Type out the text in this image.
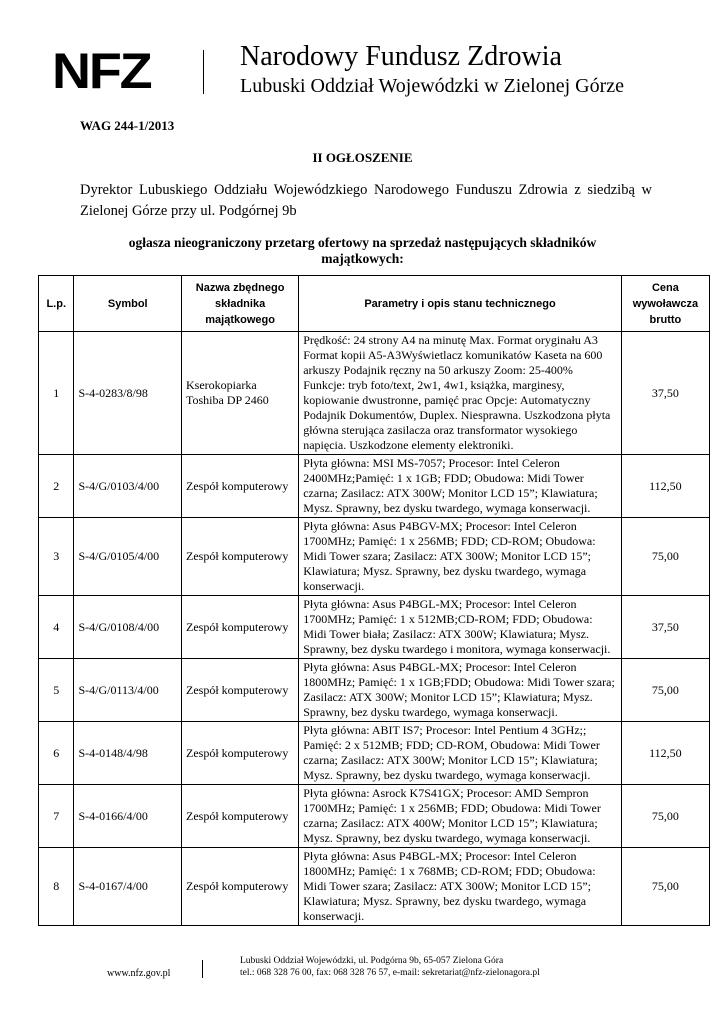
NFZ	Narodowy Fundusz Zdrowia
Lubuski Oddział Wojewódzki w Zielonej Górze
WAG 244-1/2013
II OGŁOSZENIE
Dyrektor Lubuskiego Oddziału Wojewódzkiego Narodowego Funduszu Zdrowia z siedzibą w Zielonej Górze przy ul. Podgórnej 9b
ogłasza nieograniczony przetarg ofertowy na sprzedaż następujących składników majątkowych:
L.p.	Symbol	Nazwa zbędnego składnika majątkowego	Parametry i opis stanu technicznego	Cena wywoławcza brutto
1	S-4-0283/8/98	Kserokopiarka Toshiba DP 2460	Prędkość: 24 strony A4 na minutę Max. Format oryginału A3 Format kopii A5-A3Wyświetlacz komunikatów Kaseta na 600 arkuszy Podajnik ręczny na 50 arkuszy Zoom: 25-400% Funkcje: tryb foto/text, 2w1, 4w1, książka, marginesy, kopiowanie dwustronne, pamięć prac Opcje: Automatyczny Podajnik Dokumentów, Duplex. Niesprawna. Uszkodzona płyta główna sterująca zasilacza oraz transformator wysokiego napięcia. Uszkodzone elementy elektroniki.	37,50
2	S-4/G/0103/4/00	Zespół komputerowy	Płyta główna: MSI MS-7057; Procesor: Intel Celeron 2400MHz;Pamięć: 1 x 1GB; FDD; Obudowa: Midi Tower czarna; Zasilacz: ATX 300W; Monitor LCD 15”; Klawiatura; Mysz. Sprawny, bez dysku twardego, wymaga konserwacji.	112,50
3	S-4/G/0105/4/00	Zespół komputerowy	Płyta główna: Asus P4BGV-MX; Procesor: Intel Celeron 1700MHz; Pamięć: 1 x 256MB; FDD; CD-ROM; Obudowa: Midi Tower szara; Zasilacz: ATX 300W; Monitor LCD 15”; Klawiatura; Mysz. Sprawny, bez dysku twardego, wymaga konserwacji.	75,00
4	S-4/G/0108/4/00	Zespół komputerowy	Płyta główna: Asus P4BGL-MX; Procesor: Intel Celeron 1700MHz; Pamięć: 1 x 512MB;CD-ROM; FDD; Obudowa: Midi Tower biała; Zasilacz: ATX 300W; Klawiatura; Mysz. Sprawny, bez dysku twardego i monitora, wymaga konserwacji.	37,50
5	S-4/G/0113/4/00	Zespół komputerowy	Płyta główna: Asus P4BGL-MX; Procesor: Intel Celeron 1800MHz; Pamięć: 1 x 1GB;FDD; Obudowa: Midi Tower szara; Zasilacz: ATX 300W; Monitor LCD 15”; Klawiatura; Mysz. Sprawny, bez dysku twardego, wymaga konserwacji.	75,00
6	S-4-0148/4/98	Zespół komputerowy	Płyta główna: ABIT IS7; Procesor: Intel Pentium 4 3GHz;; Pamięć: 2 x 512MB; FDD; CD-ROM, Obudowa: Midi Tower czarna; Zasilacz: ATX 300W; Monitor LCD 15”; Klawiatura; Mysz. Sprawny, bez dysku twardego, wymaga konserwacji.	112,50
7	S-4-0166/4/00	Zespół komputerowy	Płyta główna: Asrock K7S41GX; Procesor: AMD Sempron 1700MHz; Pamięć: 1 x 256MB; FDD; Obudowa: Midi Tower czarna; Zasilacz: ATX 400W; Monitor LCD 15”; Klawiatura; Mysz. Sprawny, bez dysku twardego, wymaga konserwacji.	75,00
8	S-4-0167/4/00	Zespół komputerowy	Płyta główna: Asus P4BGL-MX; Procesor: Intel Celeron 1800MHz; Pamięć: 1 x 768MB; CD-ROM; FDD; Obudowa: Midi Tower szara; Zasilacz: ATX 300W; Monitor LCD 15”; Klawiatura; Mysz. Sprawny, bez dysku twardego, wymaga konserwacji.	75,00
www.nfz.gov.pl
Lubuski Oddział Wojewódzki, ul. Podgórna 9b, 65-057 Zielona Góra
tel.: 068 328 76 00, fax: 068 328 76 57, e-mail: sekretariat@nfz-zielonagora.pl
